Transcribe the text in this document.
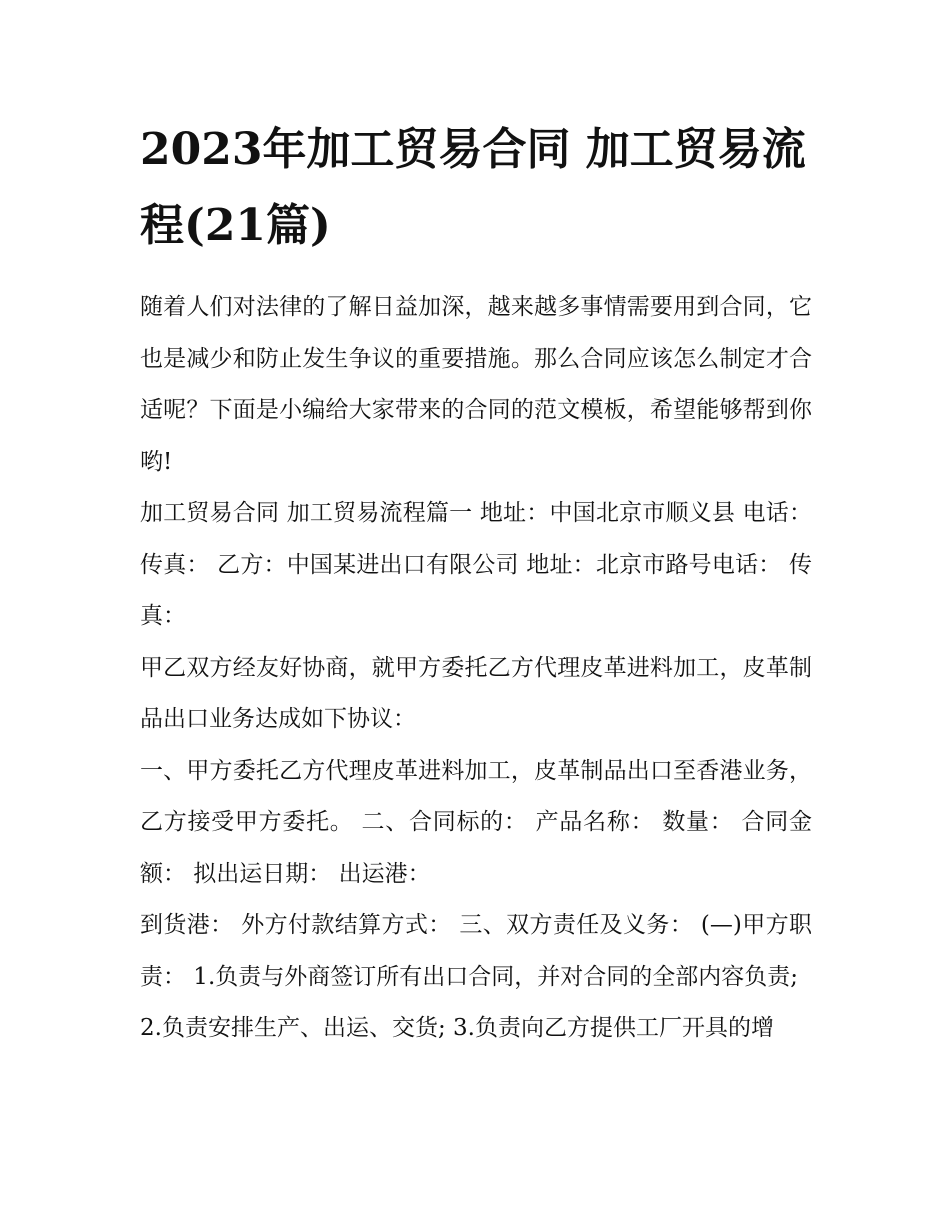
2023年加工贸易合同 加工贸易流程(21篇)

随着人们对法律的了解日益加深，越来越多事情需要用到合同，它也是减少和防止发生争议的重要措施。那么合同应该怎么制定才合适呢？下面是小编给大家带来的合同的范文模板，希望能够帮到你哟!

加工贸易合同 加工贸易流程篇一 地址：中国北京市顺义县 电话： 传真： 乙方：中国某进出口有限公司 地址：北京市路号电话： 传真：

甲乙双方经友好协商，就甲方委托乙方代理皮革进料加工，皮革制品出口业务达成如下协议：

一、甲方委托乙方代理皮革进料加工，皮革制品出口至香港业务，乙方接受甲方委托。 二、合同标的： 产品名称： 数量： 合同金额： 拟出运日期： 出运港：

到货港： 外方付款结算方式： 三、双方责任及义务： (—)甲方职责： 1.负责与外商签订所有出口合同，并对合同的全部内容负责;

2.负责安排生产、出运、交货; 3.负责向乙方提供工厂开具的增
